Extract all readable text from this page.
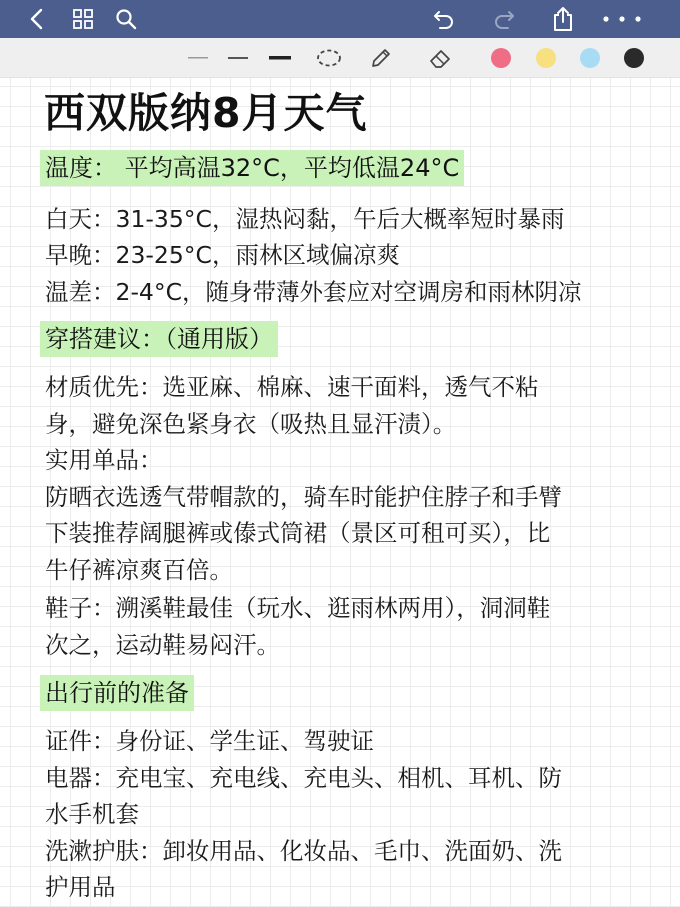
西双版纳8月天气
温度： 平均高温32°C，平均低温24°C
白天：31-35°C，湿热闷黏，午后大概率短时暴雨
早晚：23-25°C，雨林区域偏凉爽
温差：2-4°C，随身带薄外套应对空调房和雨林阴凉
穿搭建议：（通用版）
材质优先：选亚麻、棉麻、速干面料，透气不粘
身，避免深色紧身衣（吸热且显汗渍）。
实用单品：
防晒衣选透气带帽款的，骑车时能护住脖子和手臂
下装推荐阔腿裤或傣式筒裙（景区可租可买），比
牛仔裤凉爽百倍。
鞋子：溯溪鞋最佳（玩水、逛雨林两用），洞洞鞋
次之，运动鞋易闷汗。
出行前的准备
证件：身份证、学生证、驾驶证
电器：充电宝、充电线、充电头、相机、耳机、防
水手机套
洗漱护肤：卸妆用品、化妆品、毛巾、洗面奶、洗
护用品
